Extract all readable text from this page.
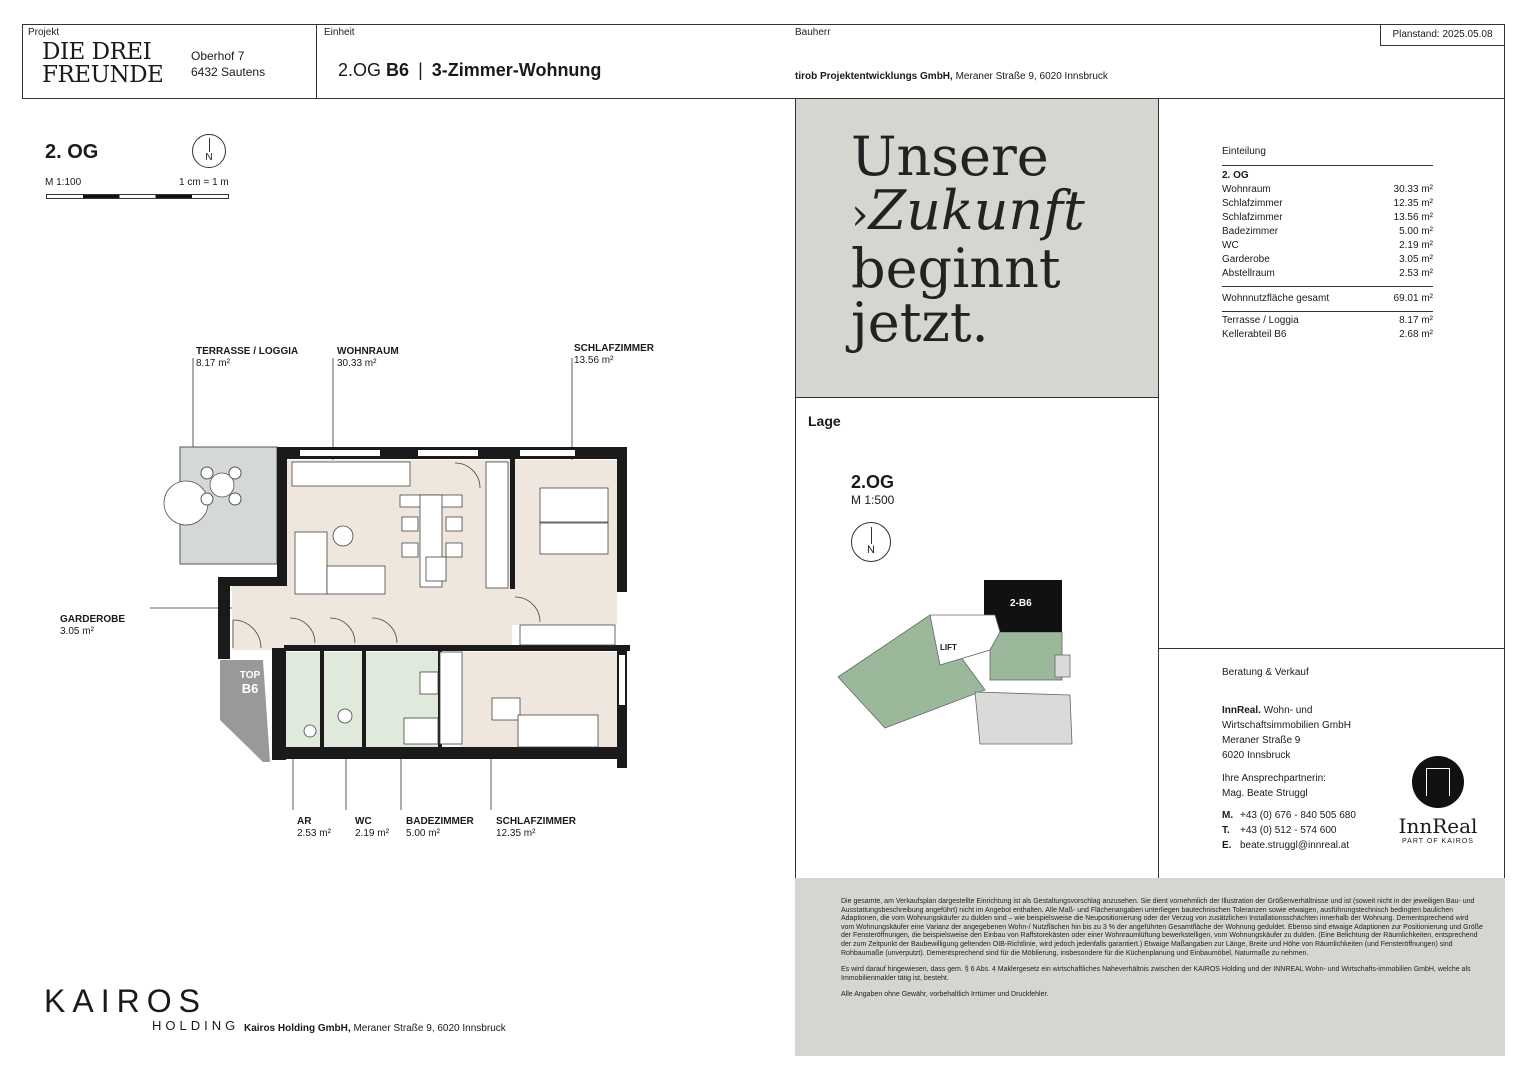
Projekt
DIE DREI
FREUNDE
Oberhof 7
6432 Sautens
Einheit
2.OG B6 | 3-Zimmer-Wohnung
Bauherr
tirob Projektentwicklungs GmbH, Meraner Straße 9, 6020 Innsbruck
Planstand: 2025.05.08
2. OG	N
M 1:100	1 cm = 1 m
TERRASSE / LOGGIA
8.17 m²
WOHNRAUM
30.33 m²
SCHLAFZIMMER
13.56 m²
GARDEROBE
3.05 m²
AR
2.53 m²
WC
2.19 m²
BADEZIMMER
5.00 m²
SCHLAFZIMMER
12.35 m²
TOP
B6
Unsere
›Zukunft
beginnt
jetzt.
Einteilung
2. OG
Wohnraum	30.33 m²
Schlafzimmer	12.35 m²
Schlafzimmer	13.56 m²
Badezimmer	5.00 m²
WC	2.19 m²
Garderobe	3.05 m²
Abstellraum	2.53 m²
Wohnnutzfläche gesamt	69.01 m²
Terrasse / Loggia	8.17 m²
Kellerabteil B6	2.68 m²
Lage
2.OG
M 1:500
N
2-B6
LIFT
Beratung & Verkauf
InnReal. Wohn- und
Wirtschaftsimmobilien GmbH
Meraner Straße 9
6020 Innsbruck
Ihre Ansprechpartnerin:
Mag. Beate Struggl
M. +43 (0) 676 - 840 505 680
T. +43 (0) 512 - 574 600
E. beate.struggl@innreal.at
InnReal
PART OF KAIROS

Die gesamte, am Verkaufsplan dargestellte Einrichtung ist als Gestaltungsvorschlag anzusehen. Sie dient vornehmlich der Illustration der Größenverhältnisse und ist (soweit nicht in der jeweiligen Bau- und Ausstattungsbeschreibung angeführt) nicht im Angebot enthalten. Alle Maß- und Flächenangaben unterliegen bautechnischen Toleranzen sowie etwaigen, ausführungstechnisch bedingten baulichen Adaptionen, die vom Wohnungskäufer zu dulden sind – wie beispielsweise die Neupositionierung oder der Verzug von zusätzlichen Installationsschächten innerhalb der Wohnung. Dementsprechend wird vom Wohnungskäufer eine Varianz der angegebenen Wohn-/ Nutzflächen hin bis zu 3 % der angeführten Gesamtfläche der Wohnung geduldet. Ebenso sind etwaige Adaptionen zur Positionierung und Größe der Fensteröffnungen, die beispielsweise den Einbau von Raffstorekästen oder einer Wohnraumlüftung bewerkstelligen, vom Wohnungskäufer zu dulden. (Eine Belichtung der Räumlichkeiten, entsprechend der zum Zeitpunkt der Baubewilligung geltenden OIB-Richtlinie, wird jedoch jedenfalls garantiert.) Etwaige Maßangaben zur Länge, Breite und Höhe von Räumlichkeiten (und Fensteröffnungen) sind Rohbaumaße (unverputzt). Dementsprechend sind für die Möblierung, insbesondere für die Küchenplanung und Einbaumöbel, Naturmaße zu nehmen.

Es wird darauf hingewiesen, dass gem. § 6 Abs. 4 Maklergesetz ein wirtschaftliches Naheverhältnis zwischen der KAIROS Holding und der INNREAL Wohn- und Wirtschafts-immobilien GmbH, welche als Immobilienmakler tätig ist, besteht.

Alle Angaben ohne Gewähr, vorbehaltlich Irrtümer und Druckfehler.

KAIROS
HOLDING Kairos Holding GmbH, Meraner Straße 9, 6020 Innsbruck
